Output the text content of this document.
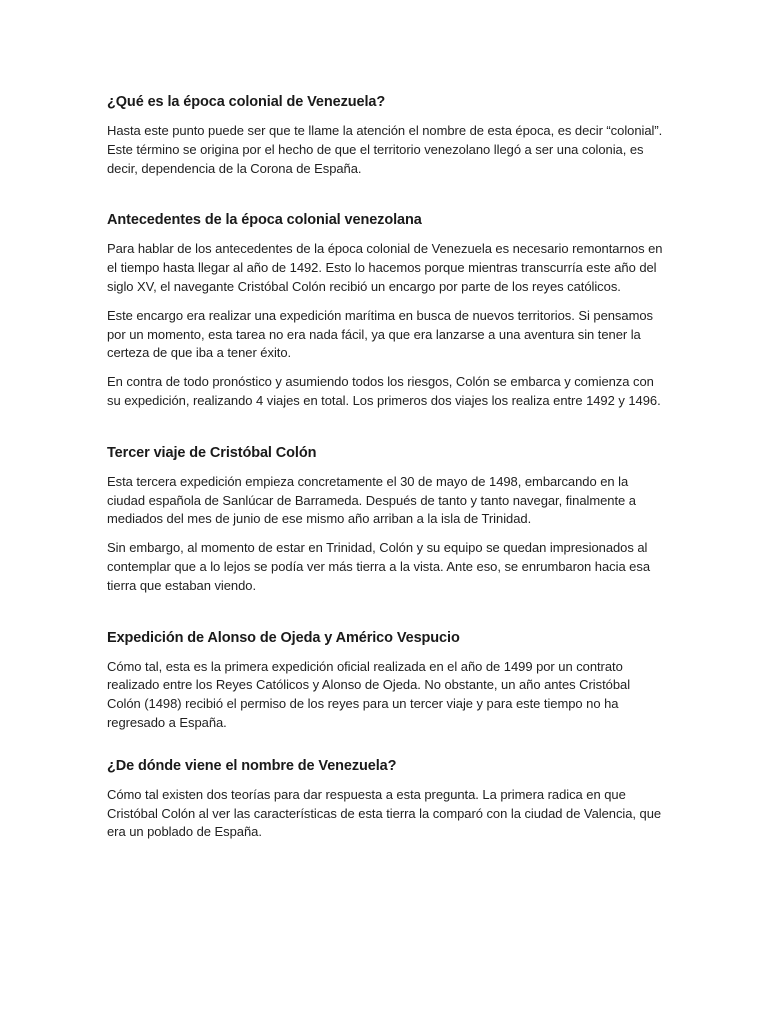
¿Qué es la época colonial de Venezuela?

Hasta este punto puede ser que te llame la atención el nombre de esta época, es decir “colonial”. Este término se origina por el hecho de que el territorio venezolano llegó a ser una colonia, es decir, dependencia de la Corona de España.

Antecedentes de la época colonial venezolana

Para hablar de los antecedentes de la época colonial de Venezuela es necesario remontarnos en el tiempo hasta llegar al año de 1492. Esto lo hacemos porque mientras transcurría este año del siglo XV, el navegante Cristóbal Colón recibió un encargo por parte de los reyes católicos.

Este encargo era realizar una expedición marítima en busca de nuevos territorios. Si pensamos por un momento, esta tarea no era nada fácil, ya que era lanzarse a una aventura sin tener la certeza de que iba a tener éxito.

En contra de todo pronóstico y asumiendo todos los riesgos, Colón se embarca y comienza con su expedición, realizando 4 viajes en total. Los primeros dos viajes los realiza entre 1492 y 1496.

Tercer viaje de Cristóbal Colón

Esta tercera expedición empieza concretamente el 30 de mayo de 1498, embarcando en la ciudad española de Sanlúcar de Barrameda. Después de tanto y tanto navegar, finalmente a mediados del mes de junio de ese mismo año arriban a la isla de Trinidad.

Sin embargo, al momento de estar en Trinidad, Colón y su equipo se quedan impresionados al contemplar que a lo lejos se podía ver más tierra a la vista. Ante eso, se enrumbaron hacia esa tierra que estaban viendo.

Expedición de Alonso de Ojeda y Américo Vespucio

Cómo tal, esta es la primera expedición oficial realizada en el año de 1499 por un contrato realizado entre los Reyes Católicos y Alonso de Ojeda. No obstante, un año antes Cristóbal Colón (1498) recibió el permiso de los reyes para un tercer viaje y para este tiempo no ha regresado a España.

¿De dónde viene el nombre de Venezuela?

Cómo tal existen dos teorías para dar respuesta a esta pregunta. La primera radica en que Cristóbal Colón al ver las características de esta tierra la comparó con la ciudad de Valencia, que era un poblado de España.
